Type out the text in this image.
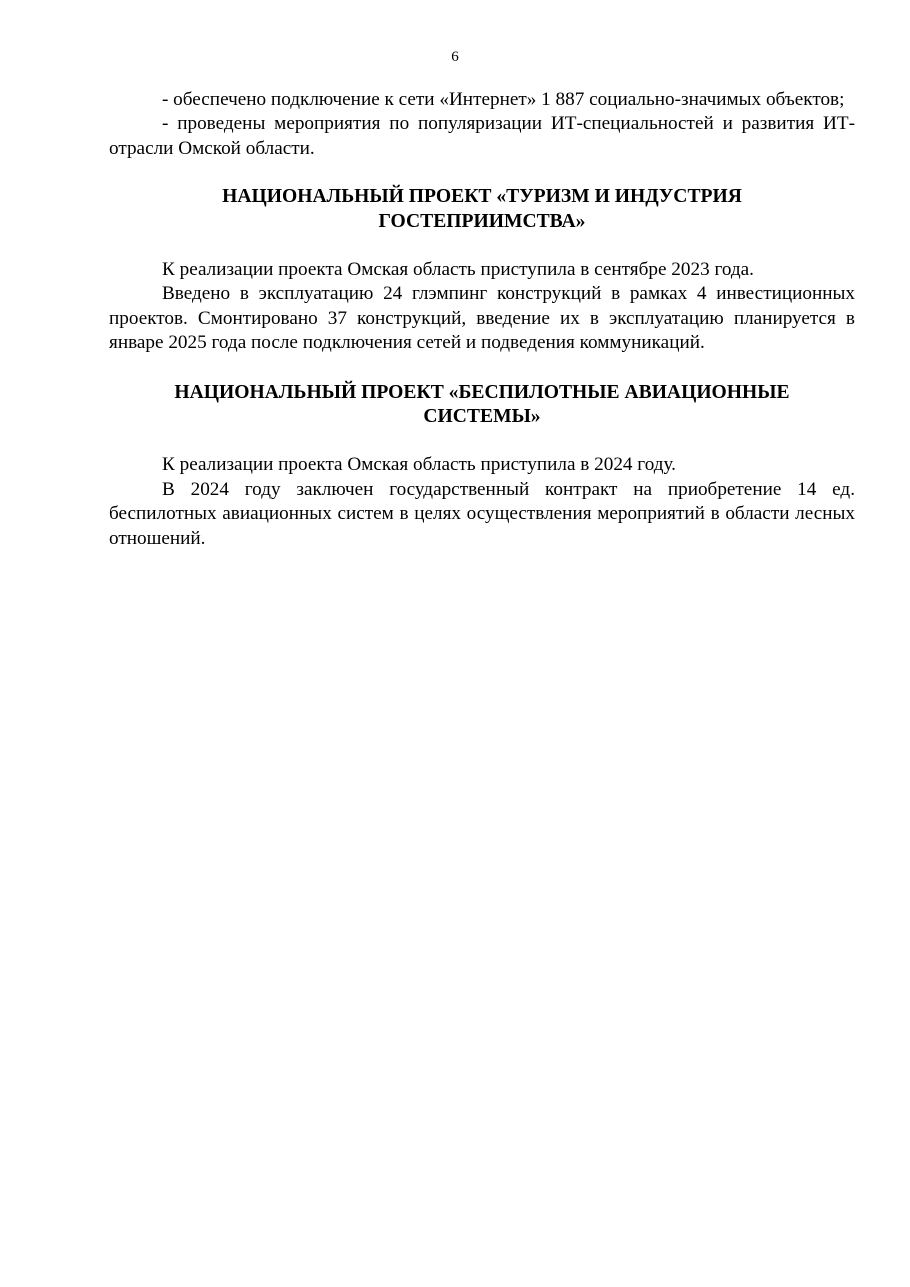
6

- обеспечено подключение к сети «Интернет» 1 887 социально-значимых объектов;

- проведены мероприятия по популяризации ИТ-специальностей и развития ИТ-отрасли Омской области.

НАЦИОНАЛЬНЫЙ ПРОЕКТ «ТУРИЗМ И ИНДУСТРИЯ
ГОСТЕПРИИМСТВА»

К реализации проекта Омская область приступила в сентябре 2023 года.

Введено в эксплуатацию 24 глэмпинг конструкций в рамках 4 инвестиционных проектов. Смонтировано 37 конструкций, введение их в эксплуатацию планируется в январе 2025 года после подключения сетей и подведения коммуникаций.

НАЦИОНАЛЬНЫЙ ПРОЕКТ «БЕСПИЛОТНЫЕ АВИАЦИОННЫЕ
СИСТЕМЫ»

К реализации проекта Омская область приступила в 2024 году.

В 2024 году заключен государственный контракт на приобретение 14 ед. беспилотных авиационных систем в целях осуществления мероприятий в области лесных отношений.
